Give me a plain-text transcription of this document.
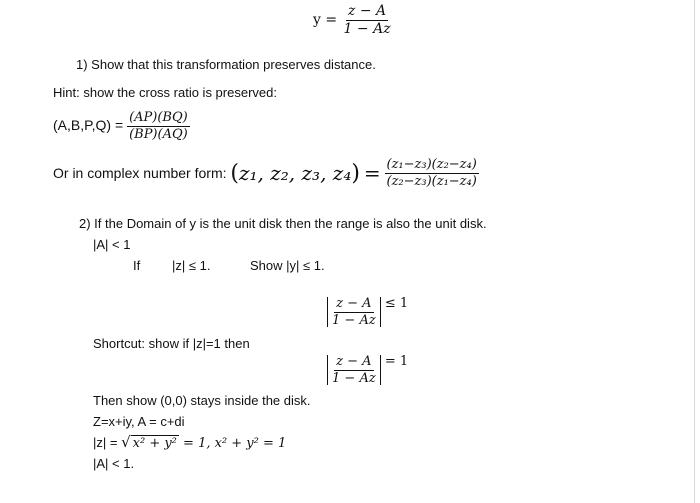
$y = \frac{z - A}{1 - \overline{A}z}$
1) Show that this transformation preserves distance.
Hint: show the cross ratio is preserved:
$(A,B,P,Q) = \frac{(AP)(BQ)}{(BP)(AQ)}$
Or in complex number form: (z₁, z₂, z₃, $z_4) = \frac{\text{(z₁−z₃)(z₂−z₄)}}{\text{(z₂−z₃)(z₁−z₄)}}$
2) If the Domain of y is the unit disk then the range is also the unit disk.
|A| < 1
If |z| ≤ 1.	Show |y| ≤ 1.
$\frac{z - A}{1 - \overline{A}z} \le 1$
Shortcut: show if |z|=1 then
$\frac{z - A}{1 - \overline{A}z} = 1$
Then show (0,0) stays inside the disk.
Z=x+iy, A = c+di
|z| = √ x² + y² = 1, x² + y² = 1
|A| < 1.
